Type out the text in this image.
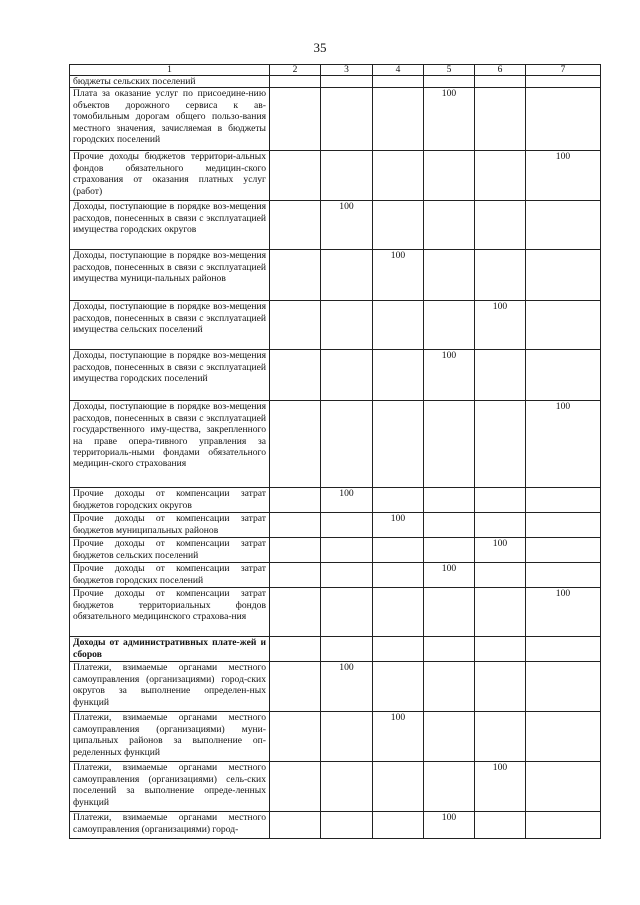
35
1	2	3	4	5	6	7
бюджеты сельских поселений						
Плата за оказание услуг по присоедине-нию объектов дорожного сервиса к ав-томобильным дорогам общего пользо-вания местного значения, зачисляемая в бюджеты городских поселений				100		
Прочие доходы бюджетов территори-альных фондов обязательного медицин-ского страхования от оказания платных услуг (работ)						100
Доходы, поступающие в порядке воз-мещения расходов, понесенных в связи с эксплуатацией имущества городских округов		100				
Доходы, поступающие в порядке воз-мещения расходов, понесенных в связи с эксплуатацией имущества муници-пальных районов			100			
Доходы, поступающие в порядке воз-мещения расходов, понесенных в связи с эксплуатацией имущества сельских поселений					100	
Доходы, поступающие в порядке воз-мещения расходов, понесенных в связи с эксплуатацией имущества городских поселений				100		
Доходы, поступающие в порядке воз-мещения расходов, понесенных в связи с эксплуатацией государственного иму-щества, закрепленного на праве опера-тивного управления за территориаль-ными фондами обязательного медицин-ского страхования						100
Прочие доходы от компенсации затрат бюджетов городских округов		100				
Прочие доходы от компенсации затрат бюджетов муниципальных районов			100			
Прочие доходы от компенсации затрат бюджетов сельских поселений					100	
Прочие доходы от компенсации затрат бюджетов городских поселений				100		
Прочие доходы от компенсации затрат бюджетов территориальных фондов обязательного медицинского страхова-ния						100
Доходы от административных плате-жей и сборов						
Платежи, взимаемые органами местного самоуправления (организациями) город-ских округов за выполнение определен-ных функций		100				
Платежи, взимаемые органами местного самоуправления (организациями) муни-ципальных районов за выполнение оп-ределенных функций			100			
Платежи, взимаемые органами местного самоуправления (организациями) сель-ских поселений за выполнение опреде-ленных функций					100	
Платежи, взимаемые органами местного самоуправления (организациями) город-				100		
